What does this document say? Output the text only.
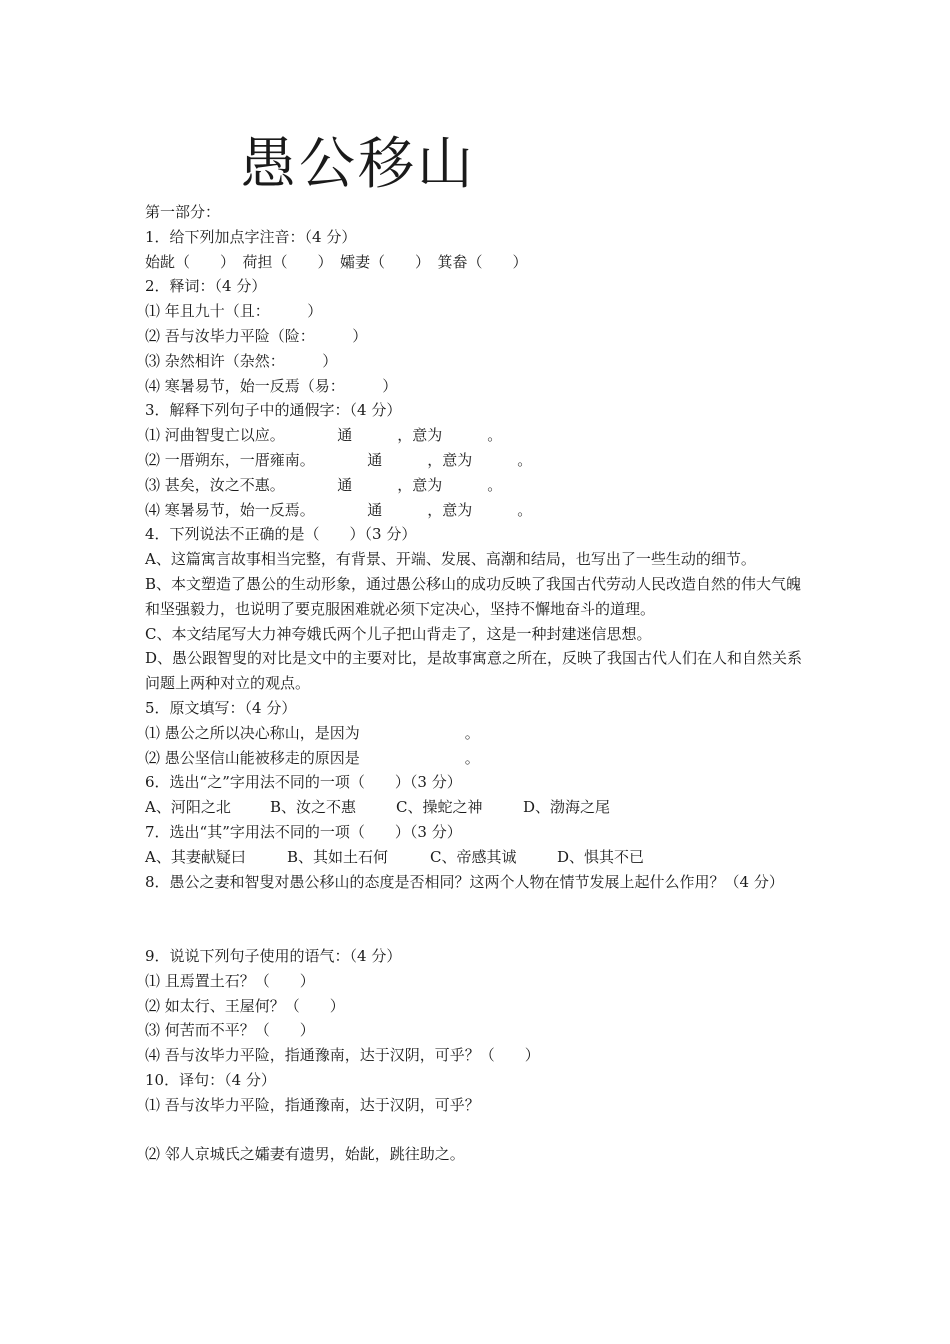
愚公移山
第一部分：
1．给下列加点字注音：（4 分）
始龀（　　）　荷担（　　）　孀妻（　　）　箕畚（　　）
2．释词：（4 分）
⑴ 年且九十（且：　　　）
⑵ 吾与汝毕力平险（险：　　　）
⑶ 杂然相许（杂然：　　　）
⑷ 寒暑易节，始一反焉（易：　　　）
3．解释下列句子中的通假字：（4 分）
⑴ 河曲智叟亡以应。　　　　通　　　，意为　　　。
⑵ 一厝朔东，一厝雍南。　　　　通　　　，意为　　　。
⑶ 甚矣，汝之不惠。　　　　通　　　，意为　　　。
⑷ 寒暑易节，始一反焉。　　　　通　　　，意为　　　。
4．下列说法不正确的是（　　）（3 分）
A、这篇寓言故事相当完整，有背景、开端、发展、高潮和结局，也写出了一些生动的细节。
B、本文塑造了愚公的生动形象，通过愚公移山的成功反映了我国古代劳动人民改造自然的伟大气魄和坚强毅力，也说明了要克服困难就必须下定决心，坚持不懈地奋斗的道理。
C、本文结尾写大力神夸娥氏两个儿子把山背走了，这是一种封建迷信思想。
D、愚公跟智叟的对比是文中的主要对比，是故事寓意之所在，反映了我国古代人们在人和自然关系问题上两种对立的观点。
5．原文填写：（4 分）
⑴ 愚公之所以决心称山，是因为　　　　　　　。
⑵ 愚公坚信山能被移走的原因是　　　　　　　。
6．选出“之”字用法不同的一项（　　）（3 分）
A、河阳之北	B、汝之不惠	C、操蛇之神	D、渤海之尾
7．选出“其”字用法不同的一项（　　）（3 分）
A、其妻献疑曰	B、其如土石何	C、帝感其诚	D、惧其不已
8．愚公之妻和智叟对愚公移山的态度是否相同？这两个人物在情节发展上起什么作用？（4 分）
9．说说下列句子使用的语气：（4 分）
⑴ 且焉置土石？（　　）
⑵ 如太行、王屋何？（　　）
⑶ 何苦而不平？（　　）
⑷ 吾与汝毕力平险，指通豫南，达于汉阴，可乎？（　　）
10．译句：（4 分）
⑴ 吾与汝毕力平险，指通豫南，达于汉阴，可乎？
⑵ 邻人京城氏之孀妻有遗男，始龀，跳往助之。
